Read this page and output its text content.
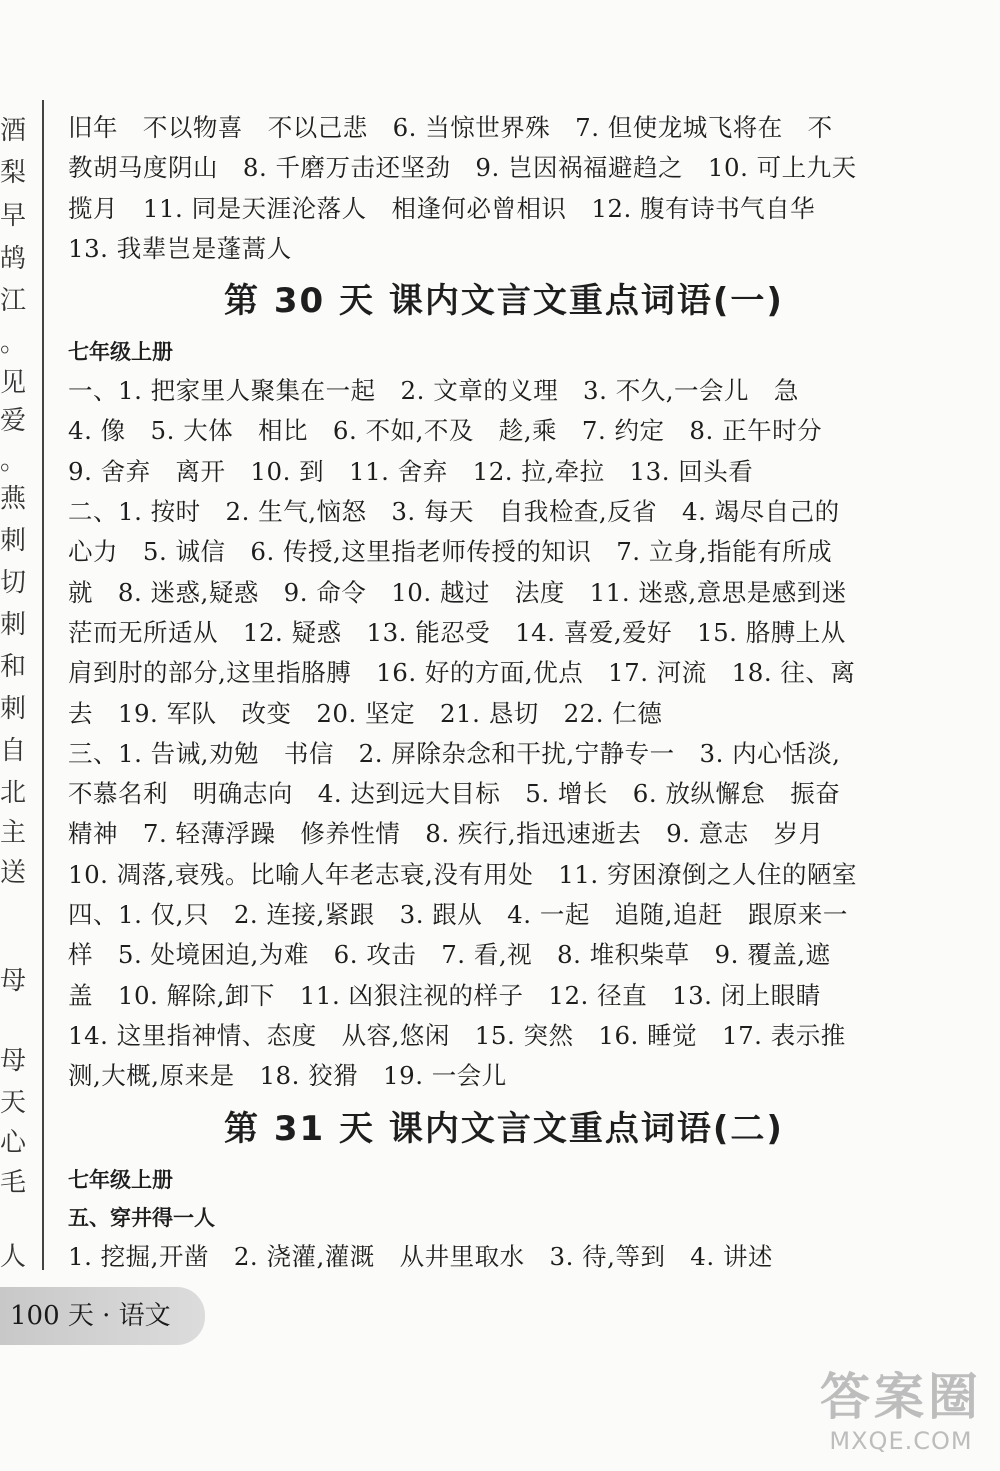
酒
梨
早
鸪
江
。
见
爱
。
燕
刺
切
刺
和
刺
自
北
主
送
母
母
天
心
毛
人
旧年   不以物喜   不以己悲   6. 当惊世界殊   7. 但使龙城飞将在   不
教胡马度阴山   8. 千磨万击还坚劲   9. 岂因祸福避趋之   10. 可上九天
揽月   11. 同是天涯沦落人   相逢何必曾相识   12. 腹有诗书气自华
13. 我辈岂是蓬蒿人
第 30 天 课内文言文重点词语(一)
七年级上册
一、1. 把家里人聚集在一起   2. 文章的义理   3. 不久,一会儿   急
4. 像   5. 大体   相比   6. 不如,不及   趁,乘   7. 约定   8. 正午时分
9. 舍弃   离开   10. 到   11. 舍弃   12. 拉,牵拉   13. 回头看
二、1. 按时   2. 生气,恼怒   3. 每天   自我检查,反省   4. 竭尽自己的
心力   5. 诚信   6. 传授,这里指老师传授的知识   7. 立身,指能有所成
就   8. 迷惑,疑惑   9. 命令   10. 越过   法度   11. 迷惑,意思是感到迷
茫而无所适从   12. 疑惑   13. 能忍受   14. 喜爱,爱好   15. 胳膊上从
肩到肘的部分,这里指胳膊   16. 好的方面,优点   17. 河流   18. 往、离
去   19. 军队   改变   20. 坚定   21. 恳切   22. 仁德
三、1. 告诫,劝勉   书信   2. 屏除杂念和干扰,宁静专一   3. 内心恬淡,
不慕名利   明确志向   4. 达到远大目标   5. 增长   6. 放纵懈怠   振奋
精神   7. 轻薄浮躁   修养性情   8. 疾行,指迅速逝去   9. 意志   岁月
10. 凋落,衰残。比喻人年老志衰,没有用处   11. 穷困潦倒之人住的陋室
四、1. 仅,只   2. 连接,紧跟   3. 跟从   4. 一起   追随,追赶   跟原来一
样   5. 处境困迫,为难   6. 攻击   7. 看,视   8. 堆积柴草   9. 覆盖,遮
盖   10. 解除,卸下   11. 凶狠注视的样子   12. 径直   13. 闭上眼睛
14. 这里指神情、态度   从容,悠闲   15. 突然   16. 睡觉   17. 表示推
测,大概,原来是   18. 狡猾   19. 一会儿
第 31 天 课内文言文重点词语(二)
七年级上册
五、穿井得一人
1. 挖掘,开凿   2. 浇灌,灌溉   从井里取水   3. 待,等到   4. 讲述
100 天 · 语文
答案圈
MXQE.COM
